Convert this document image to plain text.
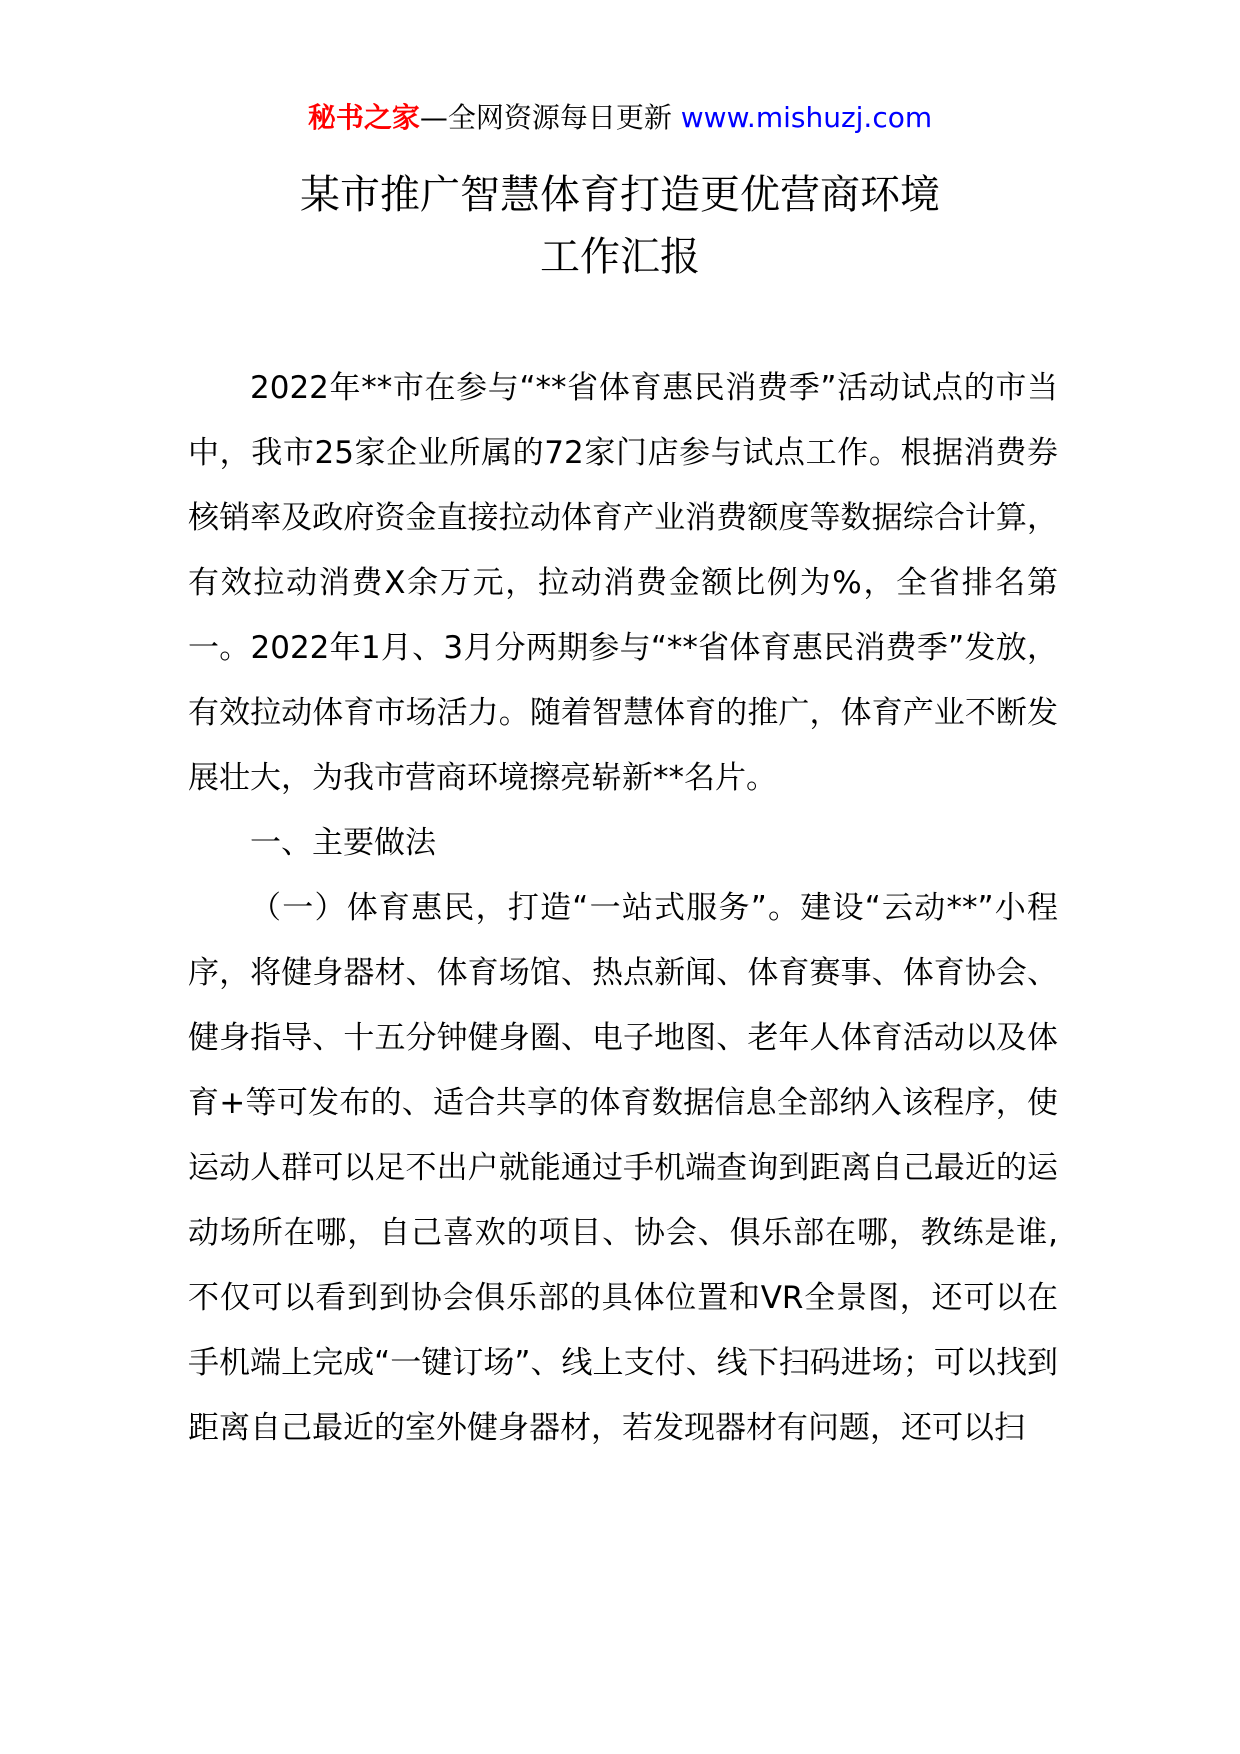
秘书之家—全网资源每日更新 www.mishuzj.com
某市推广智慧体育打造更优营商环境
工作汇报

2022年**市在参与“**省体育惠民消费季”活动试点的市当中，我市25家企业所属的72家门店参与试点工作。根据消费券核销率及政府资金直接拉动体育产业消费额度等数据综合计算，有效拉动消费X余万元，拉动消费金额比例为%，全省排名第一。2022年1月、3月分两期参与“**省体育惠民消费季”发放，有效拉动体育市场活力。随着智慧体育的推广，体育产业不断发展壮大，为我市营商环境擦亮崭新**名片。

一、主要做法

（一）体育惠民，打造“一站式服务”。建设“云动**”小程序，将健身器材、体育场馆、热点新闻、体育赛事、体育协会、健身指导、十五分钟健身圈、电子地图、老年人体育活动以及体育+等可发布的、适合共享的体育数据信息全部纳入该程序，使运动人群可以足不出户就能通过手机端查询到距离自己最近的运动场所在哪，自己喜欢的项目、协会、俱乐部在哪，教练是谁,不仅可以看到到协会俱乐部的具体位置和VR全景图，还可以在手机端上完成“一键订场”、线上支付、线下扫码进场；可以找到距离自己最近的室外健身器材，若发现器材有问题，还可以扫
